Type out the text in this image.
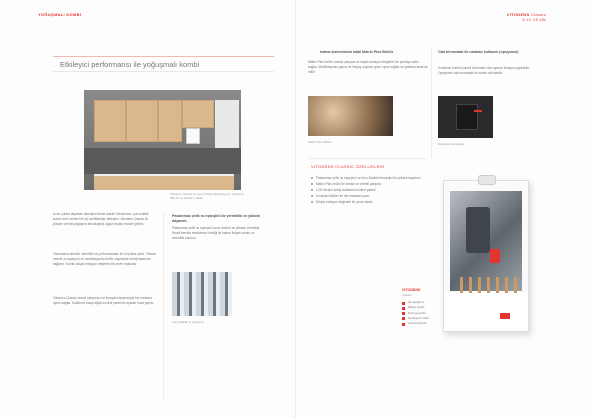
YOĞUŞMALI KOMBİ	VITODENS Classic
5 Yıl 25 kW
Etkileyici performansı ile yoğuşmalı kombi
Vitodens Classic ile yeni mutfak dekorasyonu. Vitodens 050-W ve 100-W mutfak
Uzun yıllara dayanan deneyimi temel alarak Viessmann, çok mutfak kombi ürün serisini en iyi özellikleriyle birleştirir. Vitodens Classic ile yüksek verimli yoğuşma teknolojisini uygun fiyatla evinize getirin.
Viessmann ürünleri verimlilik ve performansları ile ön plana çıkar. Yüksek verimli ısı eşanjörü ve modülasyonlu brülör sayesinde enerji tasarrufu sağlanır. Kombi düşük emisyon değerleri ile çevre dostudur.
Vitodens Classic sessiz çalışması ve kompakt tasarımıyla her mekana uyum sağlar. Kullanımı kolay dijital kontrol paneli ile ayarlar hızla yapılır.
Paslanmaz çelik ısı eşanjörü ile verimlilik ve yüksek dayanım
Paslanmaz çelik ısı eşanjörü uzun ömürlü ve yüksek verimlidir. Kendi kendini temizleme özelliği ile bakım ihtiyacı azalır ve verimlilik korunur.
Inox-Radial ısı eşanjörü
Isıtma sisteminizin kalbi Matrix Plus Brülör
Matrix Plus brülör, sessiz çalışma ve düşük emisyon değerleri ile çevreye katkı sağlar. Modülasyonlu yapısı ile ihtiyaç duyulan güce uyum sağlar ve yakıttan tasarruf edilir.
Matrix Plus Brülör
Oda termostatı ile uzaktan kullanım (opsiyonel)
Kombinin kontrol paneli üzerinden tüm ayarlar kolayca yapılabilir. Opsiyonel oda termostatı ile konfor artırılabilir.
Dijital kontrol paneli
VITODENS CLASSIC ÖZELLİKLERİ
Paslanmaz çelik ısı eşanjörü ve Inox-Radial teknolojisi ile yüksek dayanım
Matrix Plus brülör ile sessiz ve verimli çalışma
LCD ekranlı kolay kullanımlı kontrol paneli
Kompakt ölçüler ile her mekana uyum
Düşük emisyon değerleri ile çevre dostu
VITODENS
Classic
Isı eşanjörü
Matrix brülör
Pompa grubu
Genleşme tankı
Kontrol paneli
